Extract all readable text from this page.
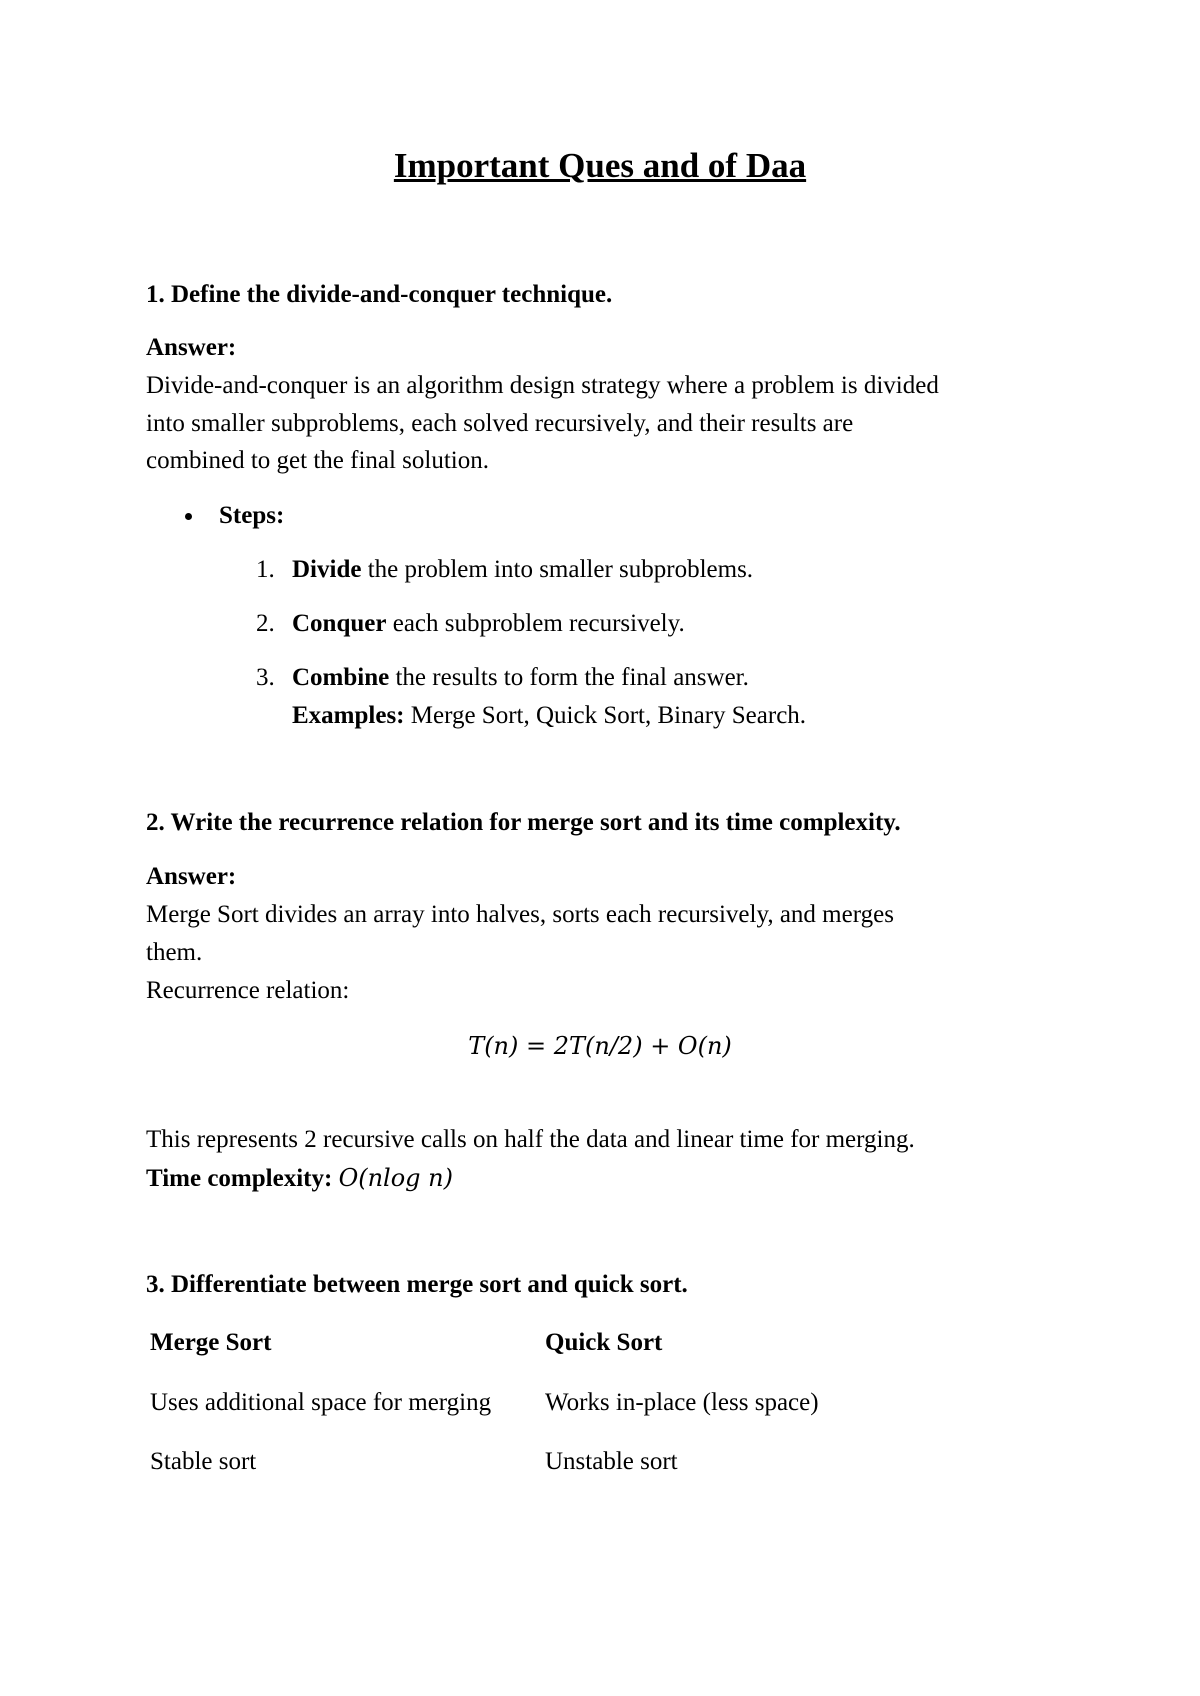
Important Ques and of Daa
1. Define the divide-and-conquer technique.
Answer:
Divide-and-conquer is an algorithm design strategy where a problem is divided
into smaller subproblems, each solved recursively, and their results are
combined to get the final solution.
Steps:
1. Divide the problem into smaller subproblems.
2. Conquer each subproblem recursively.
3. Combine the results to form the final answer.
Examples: Merge Sort, Quick Sort, Binary Search.
2. Write the recurrence relation for merge sort and its time complexity.
Answer:
Merge Sort divides an array into halves, sorts each recursively, and merges
them.
Recurrence relation:
T(n) = 2T(n/2) + O(n)
This represents 2 recursive calls on half the data and linear time for merging.
Time complexity: O(nlog n)
3. Differentiate between merge sort and quick sort.
Merge Sort	Quick Sort
Uses additional space for merging Works in-place (less space)
Stable sort	Unstable sort
